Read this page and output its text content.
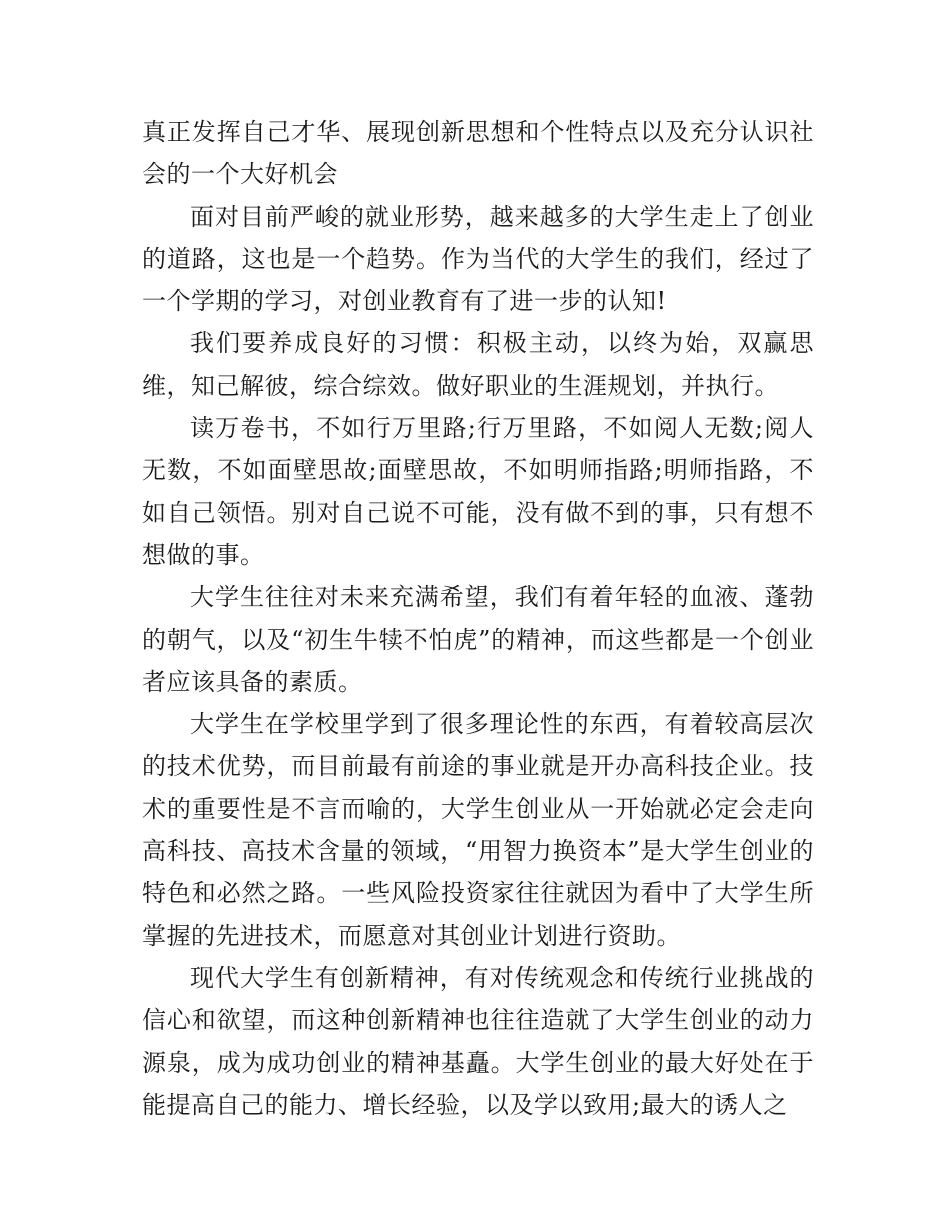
真正发挥自己才华、展现创新思想和个性特点以及充分认识社会的一个大好机会

面对目前严峻的就业形势，越来越多的大学生走上了创业的道路，这也是一个趋势。作为当代的大学生的我们，经过了一个学期的学习，对创业教育有了进一步的认知!

我们要养成良好的习惯：积极主动，以终为始，双赢思维，知己解彼，综合综效。做好职业的生涯规划，并执行。

读万卷书，不如行万里路;行万里路，不如阅人无数;阅人无数，不如面壁思故;面壁思故，不如明师指路;明师指路，不如自己领悟。别对自己说不可能，没有做不到的事，只有想不想做的事。

大学生往往对未来充满希望，我们有着年轻的血液、蓬勃的朝气，以及“初生牛犊不怕虎”的精神，而这些都是一个创业者应该具备的素质。

大学生在学校里学到了很多理论性的东西，有着较高层次的技术优势，而目前最有前途的事业就是开办高科技企业。技术的重要性是不言而喻的，大学生创业从一开始就必定会走向高科技、高技术含量的领域，“用智力换资本”是大学生创业的特色和必然之路。一些风险投资家往往就因为看中了大学生所掌握的先进技术，而愿意对其创业计划进行资助。

现代大学生有创新精神，有对传统观念和传统行业挑战的信心和欲望，而这种创新精神也往往造就了大学生创业的动力源泉，成为成功创业的精神基矗。大学生创业的最大好处在于能提高自己的能力、增长经验，以及学以致用;最大的诱人之
